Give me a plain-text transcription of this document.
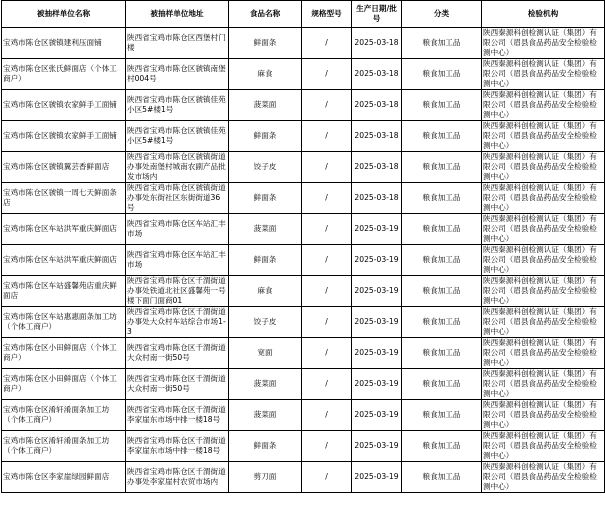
被抽样单位名称	被抽样单位地址	食品名称	规格型号	生产日期/批号	分类	检验机构
宝鸡市陈仓区虢镇建利压面铺	陕西省宝鸡市陈仓区西堡村门楼	鲜面条	/	2025-03-18	粮食加工品	陕西秦源科创检测认证（集团）有限公司（眉县食品药品安全检验检测中心）
宝鸡市陈仓区张氏鲜面店（个体工商户）	陕西省宝鸡市陈仓区虢镇南堡村004号	麻食	/	2025-03-18	粮食加工品	陕西秦源科创检测认证（集团）有限公司（眉县食品药品安全检验检测中心）
宝鸡市陈仓区虢镇农家鲜手工面铺	陕西省宝鸡市陈仓区虢镇佳苑小区5#楼1号	菠菜面	/	2025-03-18	粮食加工品	陕西秦源科创检测认证（集团）有限公司（眉县食品药品安全检验检测中心）
宝鸡市陈仓区虢镇农家鲜手工面铺	陕西省宝鸡市陈仓区虢镇佳苑小区5#楼1号	鲜面条	/	2025-03-18	粮食加工品	陕西秦源科创检测认证（集团）有限公司（眉县食品药品安全检验检测中心）
宝鸡市陈仓区虢镇翼芸香鲜面店	陕西省宝鸡市陈仓区虢镇街道办事处南堡村城南农副产品批发市场内	饺子皮	/	2025-03-18	粮食加工品	陕西秦源科创检测认证（集团）有限公司（眉县食品药品安全检验检测中心）
宝鸡市陈仓区虢镇一周七天鲜面条店	陕西省宝鸡市陈仓区虢镇街道办事处东街社区东街街道36号	鲜面条	/	2025-03-18	粮食加工品	陕西秦源科创检测认证（集团）有限公司（眉县食品药品安全检验检测中心）
宝鸡市陈仓区车站洪军重庆鲜面店	陕西省宝鸡市陈仓区车站汇丰市场	菠菜面	/	2025-03-19	粮食加工品	陕西秦源科创检测认证（集团）有限公司（眉县食品药品安全检验检测中心）
宝鸡市陈仓区车站洪军重庆鲜面店	陕西省宝鸡市陈仓区车站汇丰市场	鲜面条	/	2025-03-19	粮食加工品	陕西秦源科创检测认证（集团）有限公司（眉县食品药品安全检验检测中心）
宝鸡市陈仓区车站盛馨苑店重庆鲜面店	陕西省宝鸡市陈仓区千渭街道办事处铁道北社区盛馨苑一号楼下面门面商01	麻食	/	2025-03-19	粮食加工品	陕西秦源科创检测认证（集团）有限公司（眉县食品药品安全检验检测中心）
宝鸡市陈仓区车站惠惠面条加工坊（个体工商户）	陕西省宝鸡市陈仓区千渭街道办事处大众村车站综合市场1-3	饺子皮	/	2025-03-19	粮食加工品	陕西秦源科创检测认证（集团）有限公司（眉县食品药品安全检验检测中心）
宝鸡市陈仓区小田鲜面店（个体工商户）	陕西省宝鸡市陈仓区千渭街道大众村南一街50号	宽面	/	2025-03-19	粮食加工品	陕西秦源科创检测认证（集团）有限公司（眉县食品药品安全检验检测中心）
宝鸡市陈仓区小田鲜面店（个体工商户）	陕西省宝鸡市陈仓区千渭街道大众村南一街50号	菠菜面	/	2025-03-19	粮食加工品	陕西秦源科创检测认证（集团）有限公司（眉县食品药品安全检验检测中心）
宝鸡市陈仓区淆轩淆面条加工坊（个体工商户）	陕西省宝鸡市陈仓区千渭街道李家崖东市场中排一楼18号	菠菜面	/	2025-03-19	粮食加工品	陕西秦源科创检测认证（集团）有限公司（眉县食品药品安全检验检测中心）
宝鸡市陈仓区淆轩淆面条加工坊（个体工商户）	陕西省宝鸡市陈仓区千渭街道李家崖东市场中排一楼18号	鲜面条	/	2025-03-19	粮食加工品	陕西秦源科创检测认证（集团）有限公司（眉县食品药品安全检验检测中心）
宝鸡市陈仓区李家崖绿园鲜面店	陕西省宝鸡市陈仓区千渭街道办事处李家崖村农贸市场内	剪刀面	/	2025-03-19	粮食加工品	陕西秦源科创检测认证（集团）有限公司（眉县食品药品安全检验检测中心）
